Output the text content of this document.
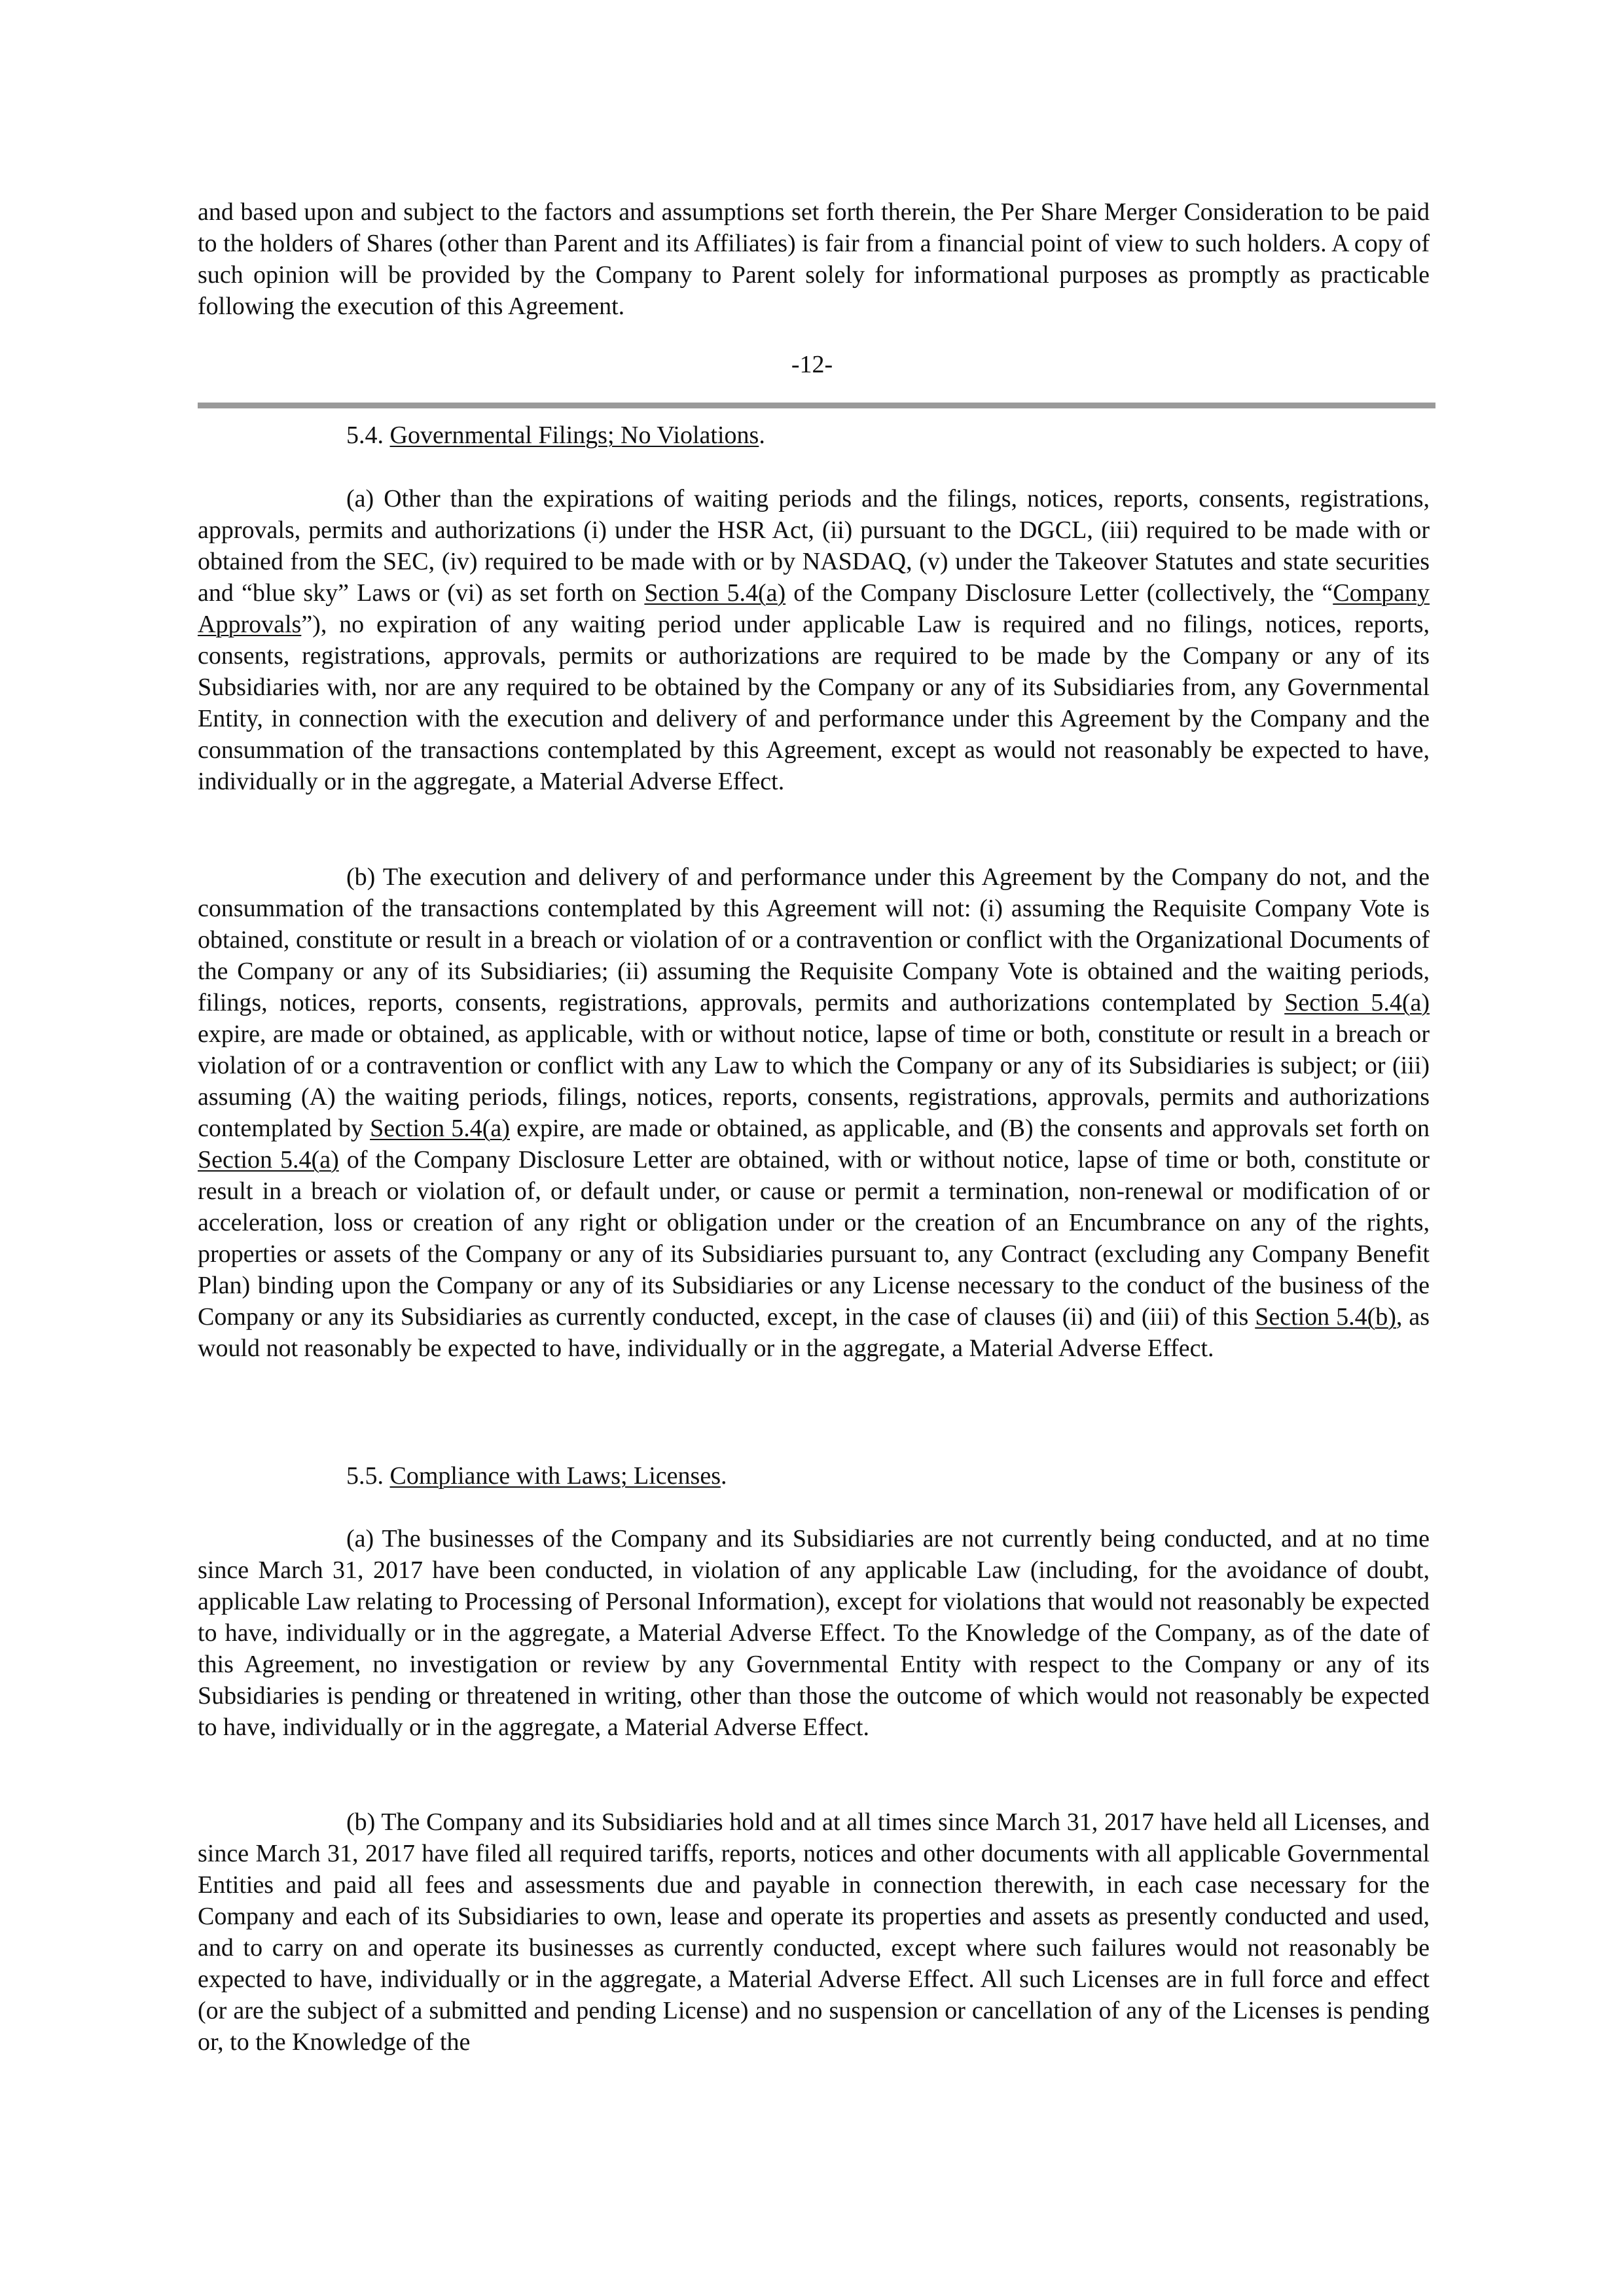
and based upon and subject to the factors and assumptions set forth therein, the Per Share Merger Consideration to be paid to the holders of Shares (other than Parent and its Affiliates) is fair from a financial point of view to such holders. A copy of such opinion will be provided by the Company to Parent solely for informational purposes as promptly as practicable following the execution of this Agreement.

-12-
5.4. Governmental Filings; No Violations.

(a) Other than the expirations of waiting periods and the filings, notices, reports, consents, registrations, approvals, permits and authorizations (i) under the HSR Act, (ii) pursuant to the DGCL, (iii) required to be made with or obtained from the SEC, (iv) required to be made with or by NASDAQ, (v) under the Takeover Statutes and state securities and “blue sky” Laws or (vi) as set forth on Section 5.4(a) of the Company Disclosure Letter (collectively, the “Company Approvals”), no expiration of any waiting period under applicable Law is required and no filings, notices, reports, consents, registrations, approvals, permits or authorizations are required to be made by the Company or any of its Subsidiaries with, nor are any required to be obtained by the Company or any of its Subsidiaries from, any Governmental Entity, in connection with the execution and delivery of and performance under this Agreement by the Company and the consummation of the transactions contemplated by this Agreement, except as would not reasonably be expected to have, individually or in the aggregate, a Material Adverse Effect.

(b) The execution and delivery of and performance under this Agreement by the Company do not, and the consummation of the transactions contemplated by this Agreement will not: (i) assuming the Requisite Company Vote is obtained, constitute or result in a breach or violation of or a contravention or conflict with the Organizational Documents of the Company or any of its Subsidiaries; (ii) assuming the Requisite Company Vote is obtained and the waiting periods, filings, notices, reports, consents, registrations, approvals, permits and authorizations contemplated by Section 5.4(a) expire, are made or obtained, as applicable, with or without notice, lapse of time or both, constitute or result in a breach or violation of or a contravention or conflict with any Law to which the Company or any of its Subsidiaries is subject; or (iii) assuming (A) the waiting periods, filings, notices, reports, consents, registrations, approvals, permits and authorizations contemplated by Section 5.4(a) expire, are made or obtained, as applicable, and (B) the consents and approvals set forth on Section 5.4(a) of the Company Disclosure Letter are obtained, with or without notice, lapse of time or both, constitute or result in a breach or violation of, or default under, or cause or permit a termination, non-renewal or modification of or acceleration, loss or creation of any right or obligation under or the creation of an Encumbrance on any of the rights, properties or assets of the Company or any of its Subsidiaries pursuant to, any Contract (excluding any Company Benefit Plan) binding upon the Company or any of its Subsidiaries or any License necessary to the conduct of the business of the Company or any its Subsidiaries as currently conducted, except, in the case of clauses (ii) and (iii) of this Section 5.4(b), as would not reasonably be expected to have, individually or in the aggregate, a Material Adverse Effect.

5.5. Compliance with Laws; Licenses.

(a) The businesses of the Company and its Subsidiaries are not currently being conducted, and at no time since March 31, 2017 have been conducted, in violation of any applicable Law (including, for the avoidance of doubt, applicable Law relating to Processing of Personal Information), except for violations that would not reasonably be expected to have, individually or in the aggregate, a Material Adverse Effect. To the Knowledge of the Company, as of the date of this Agreement, no investigation or review by any Governmental Entity with respect to the Company or any of its Subsidiaries is pending or threatened in writing, other than those the outcome of which would not reasonably be expected to have, individually or in the aggregate, a Material Adverse Effect.

(b) The Company and its Subsidiaries hold and at all times since March 31, 2017 have held all Licenses, and since March 31, 2017 have filed all required tariffs, reports, notices and other documents with all applicable Governmental Entities and paid all fees and assessments due and payable in connection therewith, in each case necessary for the Company and each of its Subsidiaries to own, lease and operate its properties and assets as presently conducted and used, and to carry on and operate its businesses as currently conducted, except where such failures would not reasonably be expected to have, individually or in the aggregate, a Material Adverse Effect. All such Licenses are in full force and effect (or are the subject of a submitted and pending License) and no suspension or cancellation of any of the Licenses is pending or, to the Knowledge of the
